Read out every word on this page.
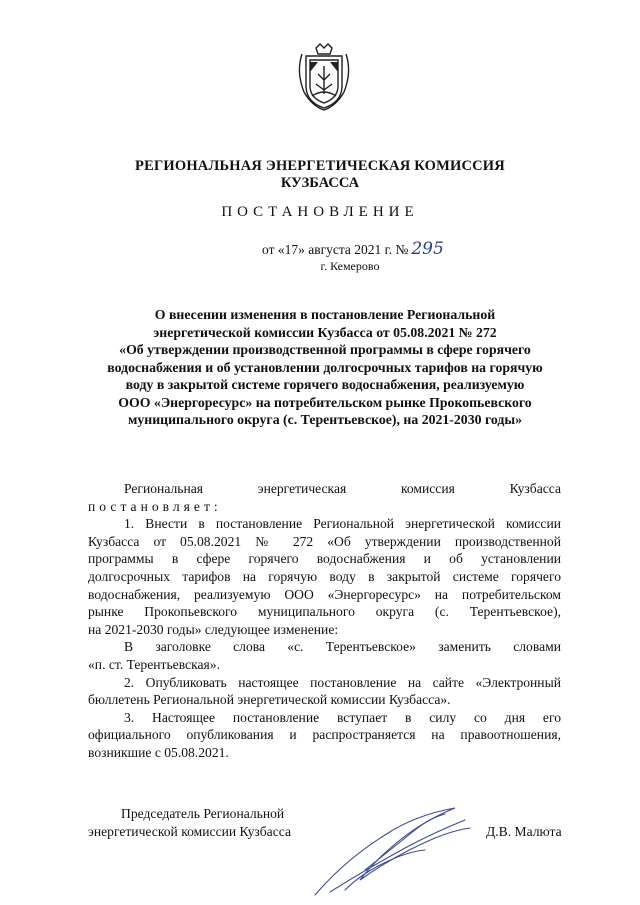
РЕГИОНАЛЬНАЯ ЭНЕРГЕТИЧЕСКАЯ КОМИССИЯ
КУЗБАССА
ПОСТАНОВЛЕНИЕ
от «17» августа 2021 г. № 295
г. Кемерово
О внесении изменения в постановление Региональной
энергетической комиссии Кузбасса от 05.08.2021 № 272
«Об утверждении производственной программы в сфере горячего
водоснабжения и об установлении долгосрочных тарифов на горячую
воду в закрытой системе горячего водоснабжения, реализуемую
ООО «Энергоресурс» на потребительском рынке Прокопьевского
муниципального округа (с. Терентьевское), на 2021-2030 годы»
Региональная энергетическая комиссия Кузбасса
постановляет:
1. Внести в постановление Региональной энергетической комиссии
Кузбасса от 05.08.2021 № 272 «Об утверждении производственной
программы в сфере горячего водоснабжения и об установлении
долгосрочных тарифов на горячую воду в закрытой системе горячего
водоснабжения, реализуемую ООО «Энергоресурс» на потребительском
рынке Прокопьевского муниципального округа (с. Терентьевское),
на 2021-2030 годы» следующее изменение:
В заголовке слова «с. Терентьевское» заменить словами
«п. ст. Терентьевская».
2. Опубликовать настоящее постановление на сайте «Электронный
бюллетень Региональной энергетической комиссии Кузбасса».
3. Настоящее постановление вступает в силу со дня его
официального опубликования и распространяется на правоотношения,
возникшие с 05.08.2021.
Председатель Региональной
энергетической комиссии Кузбасса	Д.В. Малюта
